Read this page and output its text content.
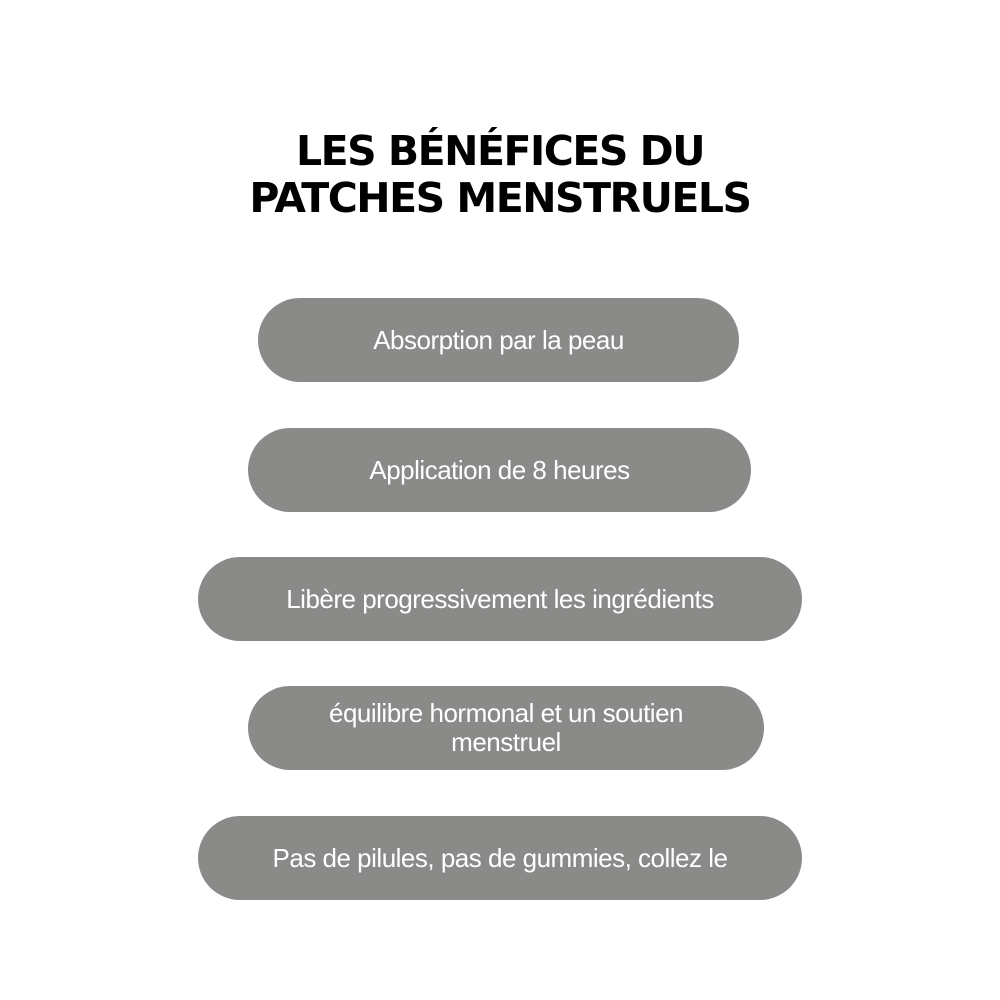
LES BÉNÉFICES DU
PATCHES MENSTRUELS
Absorption par la peau
Application de 8 heures
Libère progressivement les ingrédients
équilibre hormonal et un soutien menstruel
Pas de pilules, pas de gummies, collez le
